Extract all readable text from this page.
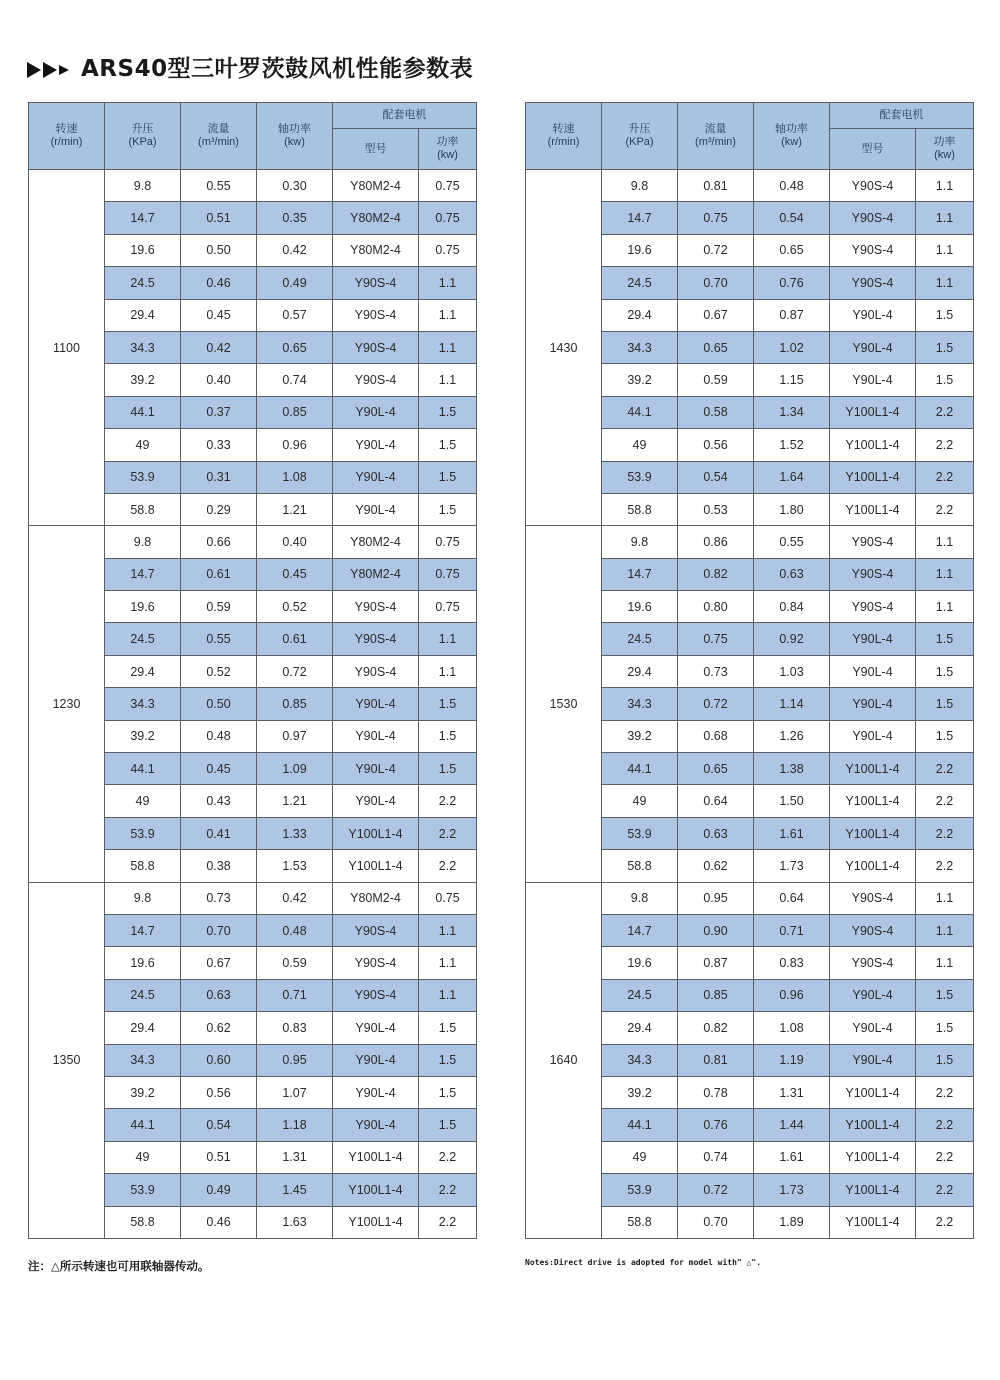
ARS40型三叶罗茨鼓风机性能参数表
转速
(r/min)	升压
(KPa)	流量
(m³/min)	轴功率
(kw)	配套电机	
				型号	功率
(kw)
1100	9.8	0.55	0.30	Y80M2-4	0.75
	14.7	0.51	0.35	Y80M2-4	0.75
	19.6	0.50	0.42	Y80M2-4	0.75
	24.5	0.46	0.49	Y90S-4	1.1
	29.4	0.45	0.57	Y90S-4	1.1
	34.3	0.42	0.65	Y90S-4	1.1
	39.2	0.40	0.74	Y90S-4	1.1
	44.1	0.37	0.85	Y90L-4	1.5
	49	0.33	0.96	Y90L-4	1.5
	53.9	0.31	1.08	Y90L-4	1.5
	58.8	0.29	1.21	Y90L-4	1.5
1230	9.8	0.66	0.40	Y80M2-4	0.75
	14.7	0.61	0.45	Y80M2-4	0.75
	19.6	0.59	0.52	Y90S-4	0.75
	24.5	0.55	0.61	Y90S-4	1.1
	29.4	0.52	0.72	Y90S-4	1.1
	34.3	0.50	0.85	Y90L-4	1.5
	39.2	0.48	0.97	Y90L-4	1.5
	44.1	0.45	1.09	Y90L-4	1.5
	49	0.43	1.21	Y90L-4	2.2
	53.9	0.41	1.33	Y100L1-4	2.2
	58.8	0.38	1.53	Y100L1-4	2.2
1350	9.8	0.73	0.42	Y80M2-4	0.75
	14.7	0.70	0.48	Y90S-4	1.1
	19.6	0.67	0.59	Y90S-4	1.1
	24.5	0.63	0.71	Y90S-4	1.1
	29.4	0.62	0.83	Y90L-4	1.5
	34.3	0.60	0.95	Y90L-4	1.5
	39.2	0.56	1.07	Y90L-4	1.5
	44.1	0.54	1.18	Y90L-4	1.5
	49	0.51	1.31	Y100L1-4	2.2
	53.9	0.49	1.45	Y100L1-4	2.2
	58.8	0.46	1.63	Y100L1-4	2.2
转速
(r/min)	升压
(KPa)	流量
(m³/min)	轴功率
(kw)	配套电机	
				型号	功率
(kw)
1430	9.8	0.81	0.48	Y90S-4	1.1
	14.7	0.75	0.54	Y90S-4	1.1
	19.6	0.72	0.65	Y90S-4	1.1
	24.5	0.70	0.76	Y90S-4	1.1
	29.4	0.67	0.87	Y90L-4	1.5
	34.3	0.65	1.02	Y90L-4	1.5
	39.2	0.59	1.15	Y90L-4	1.5
	44.1	0.58	1.34	Y100L1-4	2.2
	49	0.56	1.52	Y100L1-4	2.2
	53.9	0.54	1.64	Y100L1-4	2.2
	58.8	0.53	1.80	Y100L1-4	2.2
1530	9.8	0.86	0.55	Y90S-4	1.1
	14.7	0.82	0.63	Y90S-4	1.1
	19.6	0.80	0.84	Y90S-4	1.1
	24.5	0.75	0.92	Y90L-4	1.5
	29.4	0.73	1.03	Y90L-4	1.5
	34.3	0.72	1.14	Y90L-4	1.5
	39.2	0.68	1.26	Y90L-4	1.5
	44.1	0.65	1.38	Y100L1-4	2.2
	49	0.64	1.50	Y100L1-4	2.2
	53.9	0.63	1.61	Y100L1-4	2.2
	58.8	0.62	1.73	Y100L1-4	2.2
1640	9.8	0.95	0.64	Y90S-4	1.1
	14.7	0.90	0.71	Y90S-4	1.1
	19.6	0.87	0.83	Y90S-4	1.1
	24.5	0.85	0.96	Y90L-4	1.5
	29.4	0.82	1.08	Y90L-4	1.5
	34.3	0.81	1.19	Y90L-4	1.5
	39.2	0.78	1.31	Y100L1-4	2.2
	44.1	0.76	1.44	Y100L1-4	2.2
	49	0.74	1.61	Y100L1-4	2.2
	53.9	0.72	1.73	Y100L1-4	2.2
	58.8	0.70	1.89	Y100L1-4	2.2
注：△所示转速也可用联轴器传动。	Notes:Direct drive is adopted for model with" △".
